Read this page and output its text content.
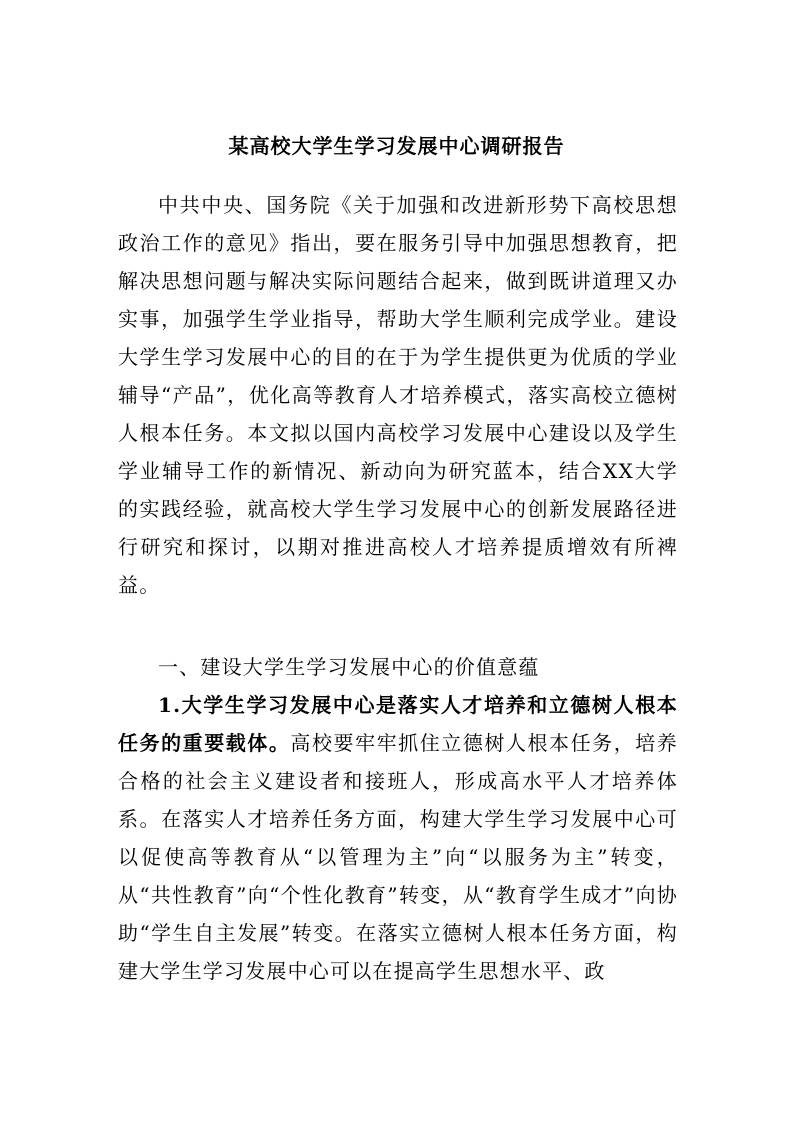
某高校大学生学习发展中心调研报告
中共中央、国务院《关于加强和改进新形势下高校思想政治工作的意见》指出，要在服务引导中加强思想教育，把解决思想问题与解决实际问题结合起来，做到既讲道理又办实事，加强学生学业指导，帮助大学生顺利完成学业。建设大学生学习发展中心的目的在于为学生提供更为优质的学业辅导“产品”，优化高等教育人才培养模式，落实高校立德树人根本任务。本文拟以国内高校学习发展中心建设以及学生学业辅导工作的新情况、新动向为研究蓝本，结合XX大学的实践经验，就高校大学生学习发展中心的创新发展路径进行研究和探讨，以期对推进高校人才培养提质增效有所裨益。
一、建设大学生学习发展中心的价值意蕴
1.大学生学习发展中心是落实人才培养和立德树人根本任务的重要载体。高校要牢牢抓住立德树人根本任务，培养合格的社会主义建设者和接班人，形成高水平人才培养体系。在落实人才培养任务方面，构建大学生学习发展中心可以促使高等教育从“以管理为主”向“以服务为主”转变，从“共性教育”向“个性化教育”转变，从“教育学生成才”向协助“学生自主发展”转变。在落实立德树人根本任务方面，构建大学生学习发展中心可以在提高学生思想水平、政
